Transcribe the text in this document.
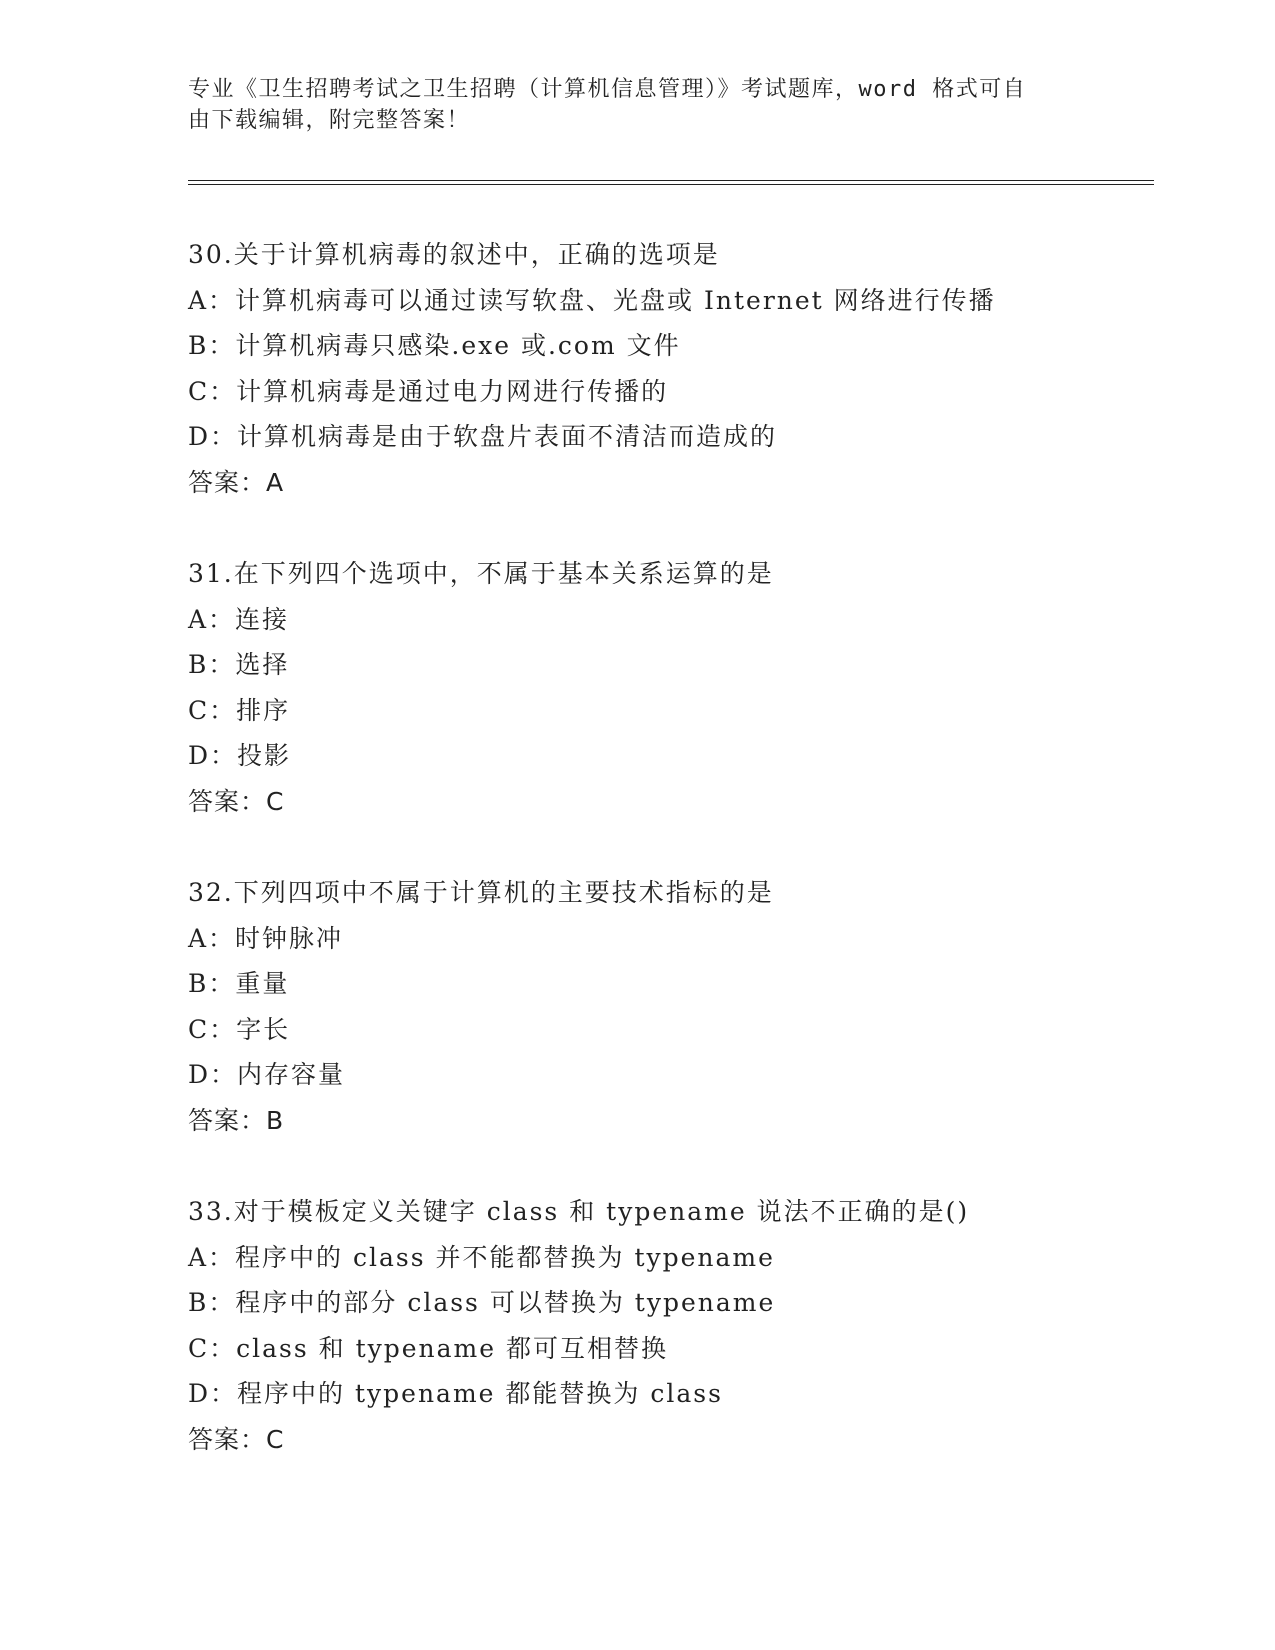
专业《卫生招聘考试之卫生招聘（计算机信息管理）》考试题库，word 格式可自
由下载编辑，附完整答案！
30.关于计算机病毒的叙述中，正确的选项是
A：计算机病毒可以通过读写软盘、光盘或 Internet 网络进行传播
B：计算机病毒只感染.exe 或.com 文件
C：计算机病毒是通过电力网进行传播的
D：计算机病毒是由于软盘片表面不清洁而造成的
答案：A
31.在下列四个选项中，不属于基本关系运算的是
A：连接
B：选择
C：排序
D：投影
答案：C
32.下列四项中不属于计算机的主要技术指标的是
A：时钟脉冲
B：重量
C：字长
D：内存容量
答案：B
33.对于模板定义关键字 class 和 typename 说法不正确的是()
A：程序中的 class 并不能都替换为 typename
B：程序中的部分 class 可以替换为 typename
C：class 和 typename 都可互相替换
D：程序中的 typename 都能替换为 class
答案：C
